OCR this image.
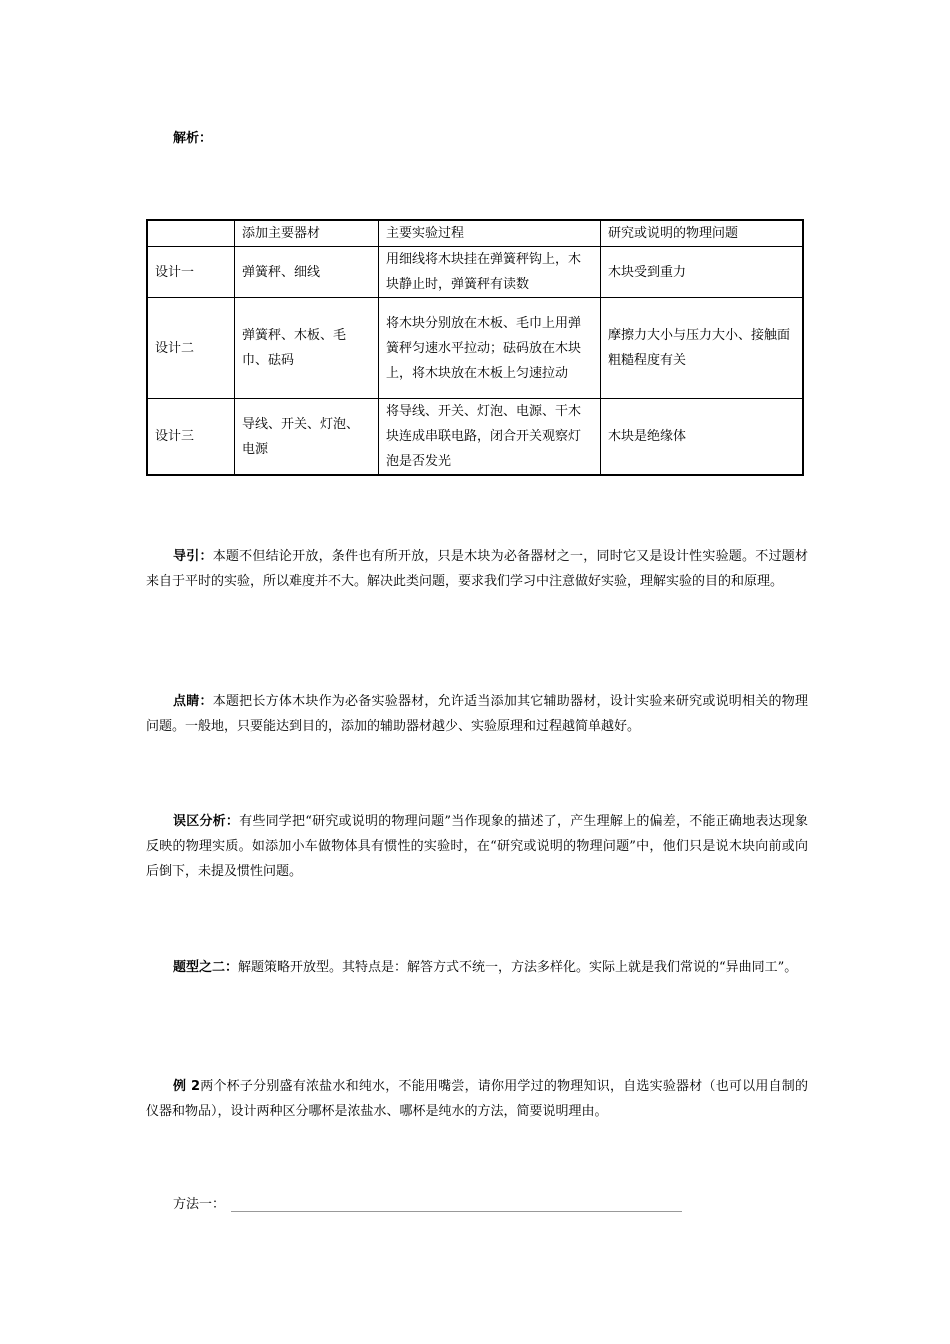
解析：
	添加主要器材	主要实验过程	研究或说明的物理问题
设计一	弹簧秤、细线	用细线将木块挂在弹簧秤钩上，木块静止时，弹簧秤有读数	木块受到重力
设计二	弹簧秤、木板、毛巾、砝码	将木块分别放在木板、毛巾上用弹簧秤匀速水平拉动；砝码放在木块上，将木块放在木板上匀速拉动	摩擦力大小与压力大小、接触面粗糙程度有关
设计三	导线、开关、灯泡、电源	将导线、开关、灯泡、电源、干木块连成串联电路，闭合开关观察灯泡是否发光	木块是绝缘体
导引：本题不但结论开放，条件也有所开放，只是木块为必备器材之一，同时它又是设计性实验题。不过题材来自于平时的实验，所以难度并不大。解决此类问题，要求我们学习中注意做好实验，理解实验的目的和原理。
点睛：本题把长方体木块作为必备实验器材，允许适当添加其它辅助器材，设计实验来研究或说明相关的物理问题。一般地，只要能达到目的，添加的辅助器材越少、实验原理和过程越简单越好。
误区分析：有些同学把“研究或说明的物理问题”当作现象的描述了，产生理解上的偏差，不能正确地表达现象反映的物理实质。如添加小车做物体具有惯性的实验时，在“研究或说明的物理问题”中，他们只是说木块向前或向后倒下，未提及惯性问题。
题型之二：解题策略开放型。其特点是：解答方式不统一，方法多样化。实际上就是我们常说的“异曲同工”。
例 2两个杯子分别盛有浓盐水和纯水，不能用嘴尝，请你用学过的物理知识，自选实验器材（也可以用自制的仪器和物品），设计两种区分哪杯是浓盐水、哪杯是纯水的方法，简要说明理由。
方法一：
